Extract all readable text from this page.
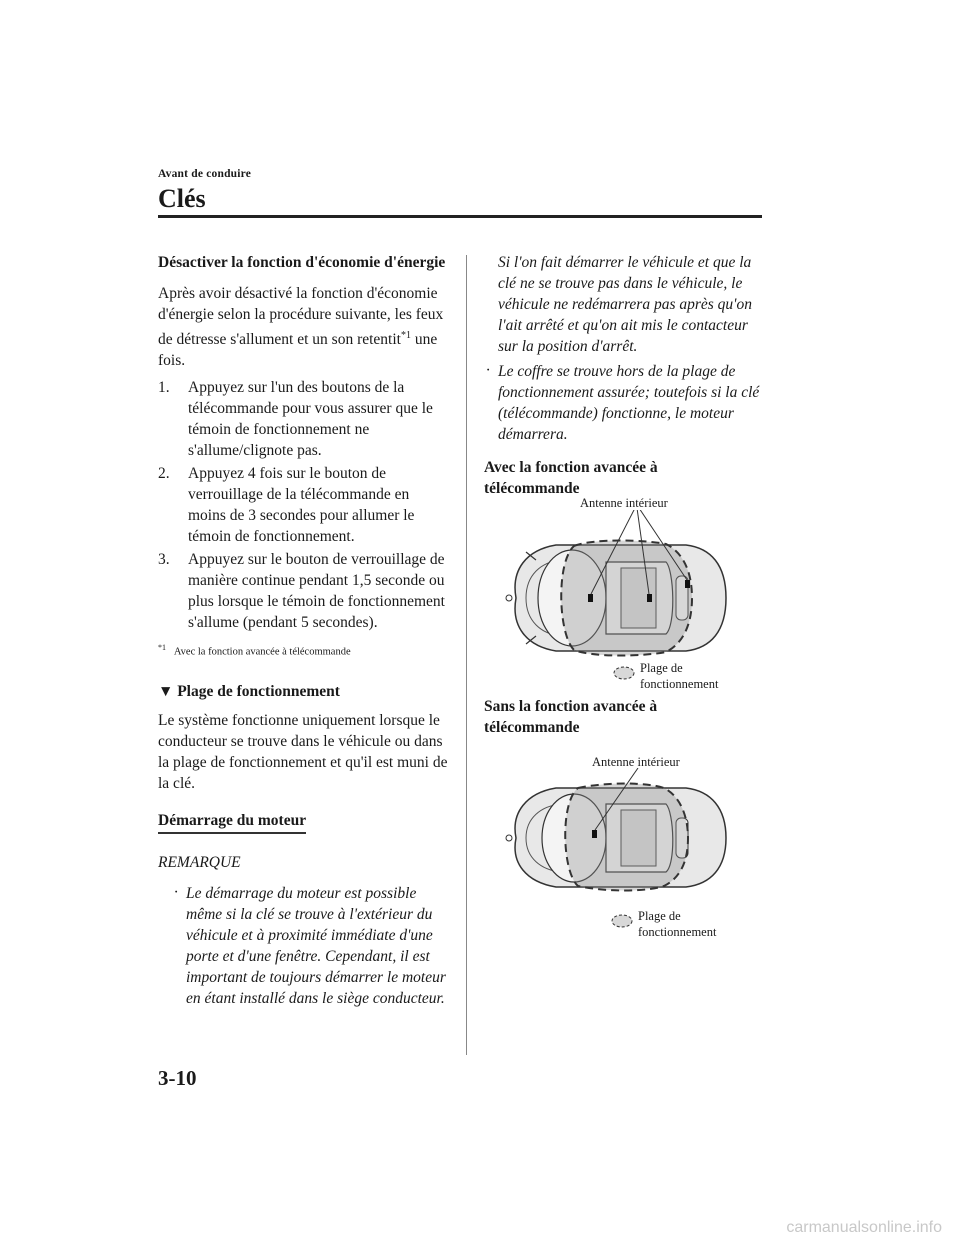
Avant de conduire
Clés
Désactiver la fonction d'économie d'énergie

Après avoir désactivé la fonction d'économie d'énergie selon la procédure suivante, les feux de détresse s'allument et un son retentit$^{*1}$ une fois.

1. Appuyez sur l'un des boutons de la télécommande pour vous assurer que le témoin de fonctionnement ne s'allume/clignote pas.
2. Appuyez 4 fois sur le bouton de verrouillage de la télécommande en moins de 3 secondes pour allumer le témoin de fonctionnement.
3. Appuyez sur le bouton de verrouillage de manière continue pendant 1,5 seconde ou plus lorsque le témoin de fonctionnement s'allume (pendant 5 secondes).
$^{*1}$ Avec la fonction avancée à télécommande
▼ Plage de fonctionnement

Le système fonctionne uniquement lorsque le conducteur se trouve dans le véhicule ou dans la plage de fonctionnement et qu'il est muni de la clé.

Démarrage du moteur
REMARQUE
· Le démarrage du moteur est possible même si la clé se trouve à l'extérieur du véhicule et à proximité immédiate d'une porte et d'une fenêtre. Cependant, il est important de toujours démarrer le moteur en étant installé dans le siège conducteur.
Si l'on fait démarrer le véhicule et que la clé ne se trouve pas dans le véhicule, le véhicule ne redémarrera pas après qu'on l'ait arrêté et qu'on ait mis le contacteur sur la position d'arrêt.
· Le coffre se trouve hors de la plage de fonctionnement assurée; toutefois si la clé (télécommande) fonctionne, le moteur démarrera.
Avec la fonction avancée à télécommande
Antenne intérieur
Plage de
fonctionnement
Sans la fonction avancée à télécommande
Antenne intérieur
Plage de
fonctionnement
3-10
carmanualsonline.info
